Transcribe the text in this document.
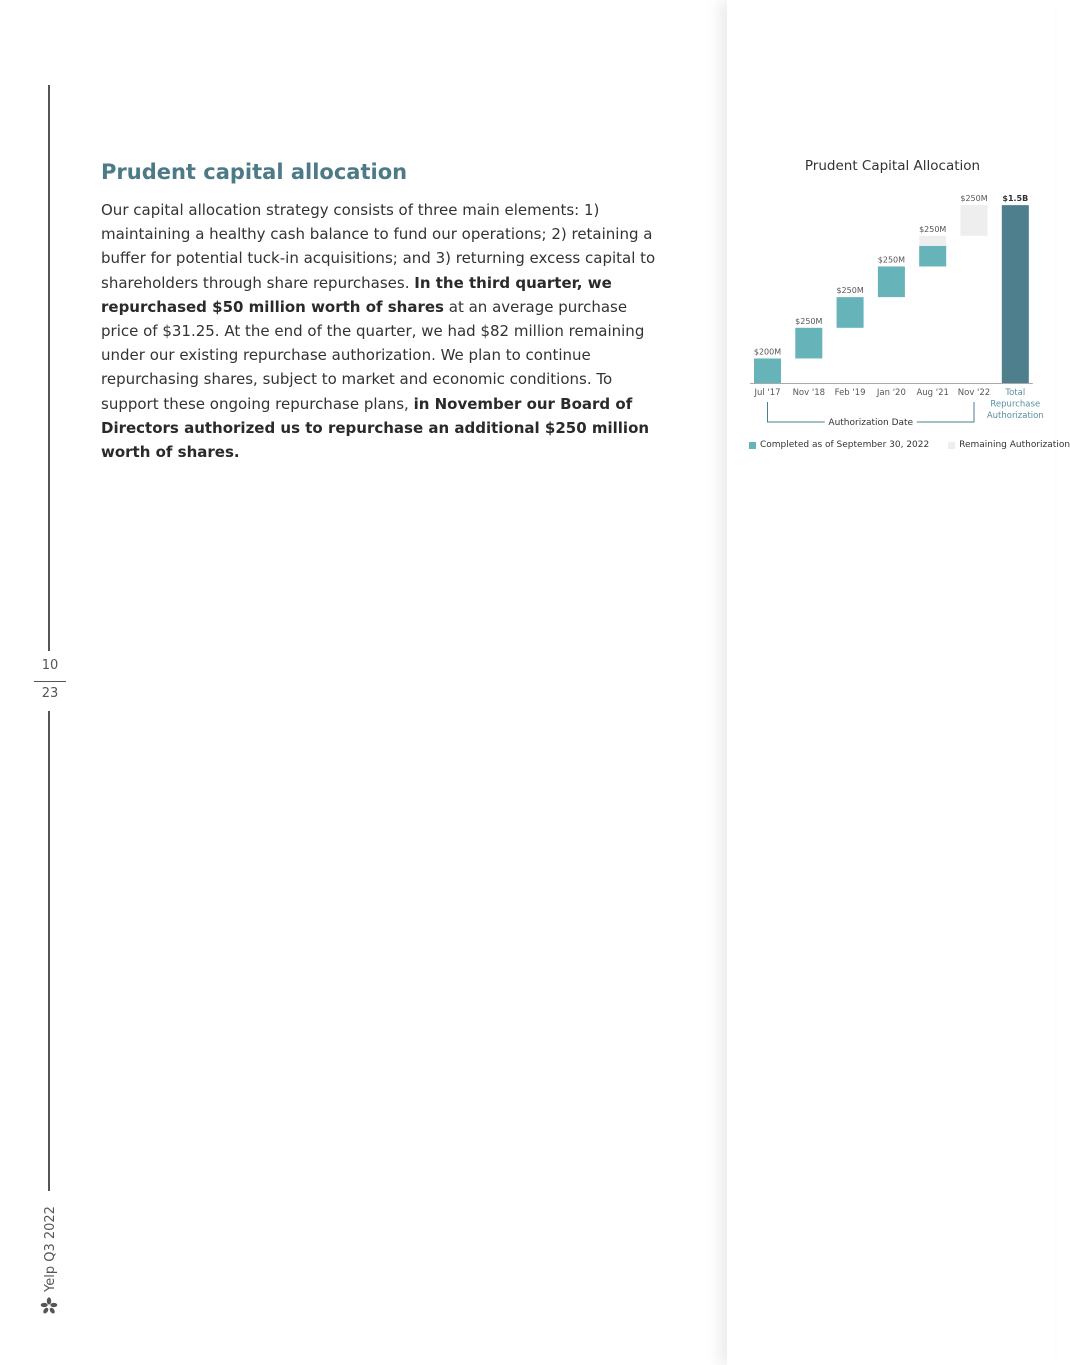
10
23
Yelp Q3 2022
Prudent capital allocation

Our capital allocation strategy consists of three main elements: 1) maintaining a healthy cash balance to fund our operations; 2) retaining a buffer for potential tuck-in acquisitions; and 3) returning excess capital to shareholders through share repurchases. In the third quarter, we repurchased $50 million worth of shares at an average purchase price of $31.25. At the end of the quarter, we had $82 million remaining under our existing repurchase authorization. We plan to continue repurchasing shares, subject to market and economic conditions. To support these ongoing repurchase plans, in November our Board of Directors authorized us to repurchase an additional $250 million worth of shares.

Prudent Capital Allocation
$200M
Jul '17
$250M
Nov '18
$250M
Feb '19
$250M
Jan '20
$250M
Aug '21
$250M
Nov '22
$1.5B
Total
Repurchase
Authorization
Authorization Date
Completed as of September 30, 2022
	Remaining Authorization
